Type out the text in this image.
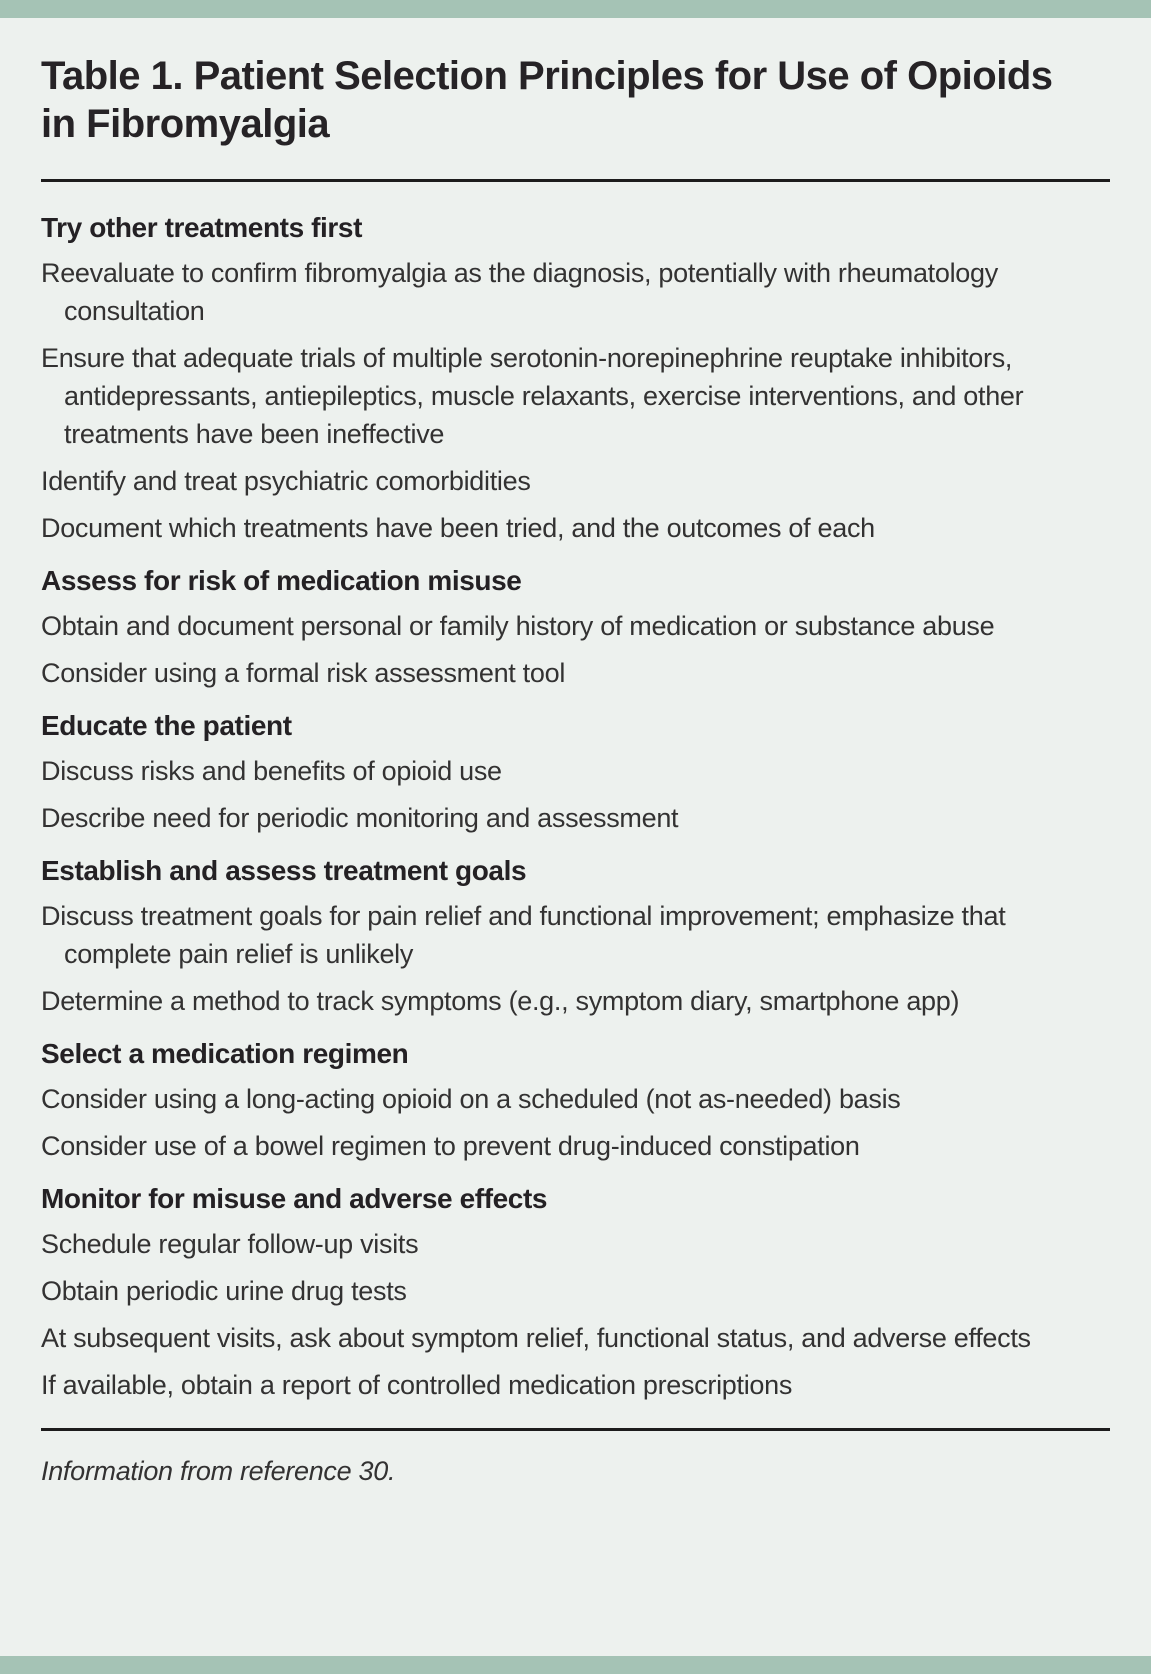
Table 1. Patient Selection Principles for Use of Opioids
in Fibromyalgia
Try other treatments first

Reevaluate to confirm fibromyalgia as the diagnosis, potentially with rheumatology consultation

Ensure that adequate trials of multiple serotonin-norepinephrine reuptake inhibitors, antidepressants, antiepileptics, muscle relaxants, exercise interventions, and other treatments have been ineffective

Identify and treat psychiatric comorbidities

Document which treatments have been tried, and the outcomes of each

Assess for risk of medication misuse

Obtain and document personal or family history of medication or substance abuse

Consider using a formal risk assessment tool

Educate the patient

Discuss risks and benefits of opioid use

Describe need for periodic monitoring and assessment

Establish and assess treatment goals

Discuss treatment goals for pain relief and functional improvement; emphasize that complete pain relief is unlikely

Determine a method to track symptoms (e.g., symptom diary, smartphone app)

Select a medication regimen

Consider using a long-acting opioid on a scheduled (not as-needed) basis

Consider use of a bowel regimen to prevent drug-induced constipation

Monitor for misuse and adverse effects

Schedule regular follow-up visits

Obtain periodic urine drug tests

At subsequent visits, ask about symptom relief, functional status, and adverse effects

If available, obtain a report of controlled medication prescriptions

Information from reference 30.
